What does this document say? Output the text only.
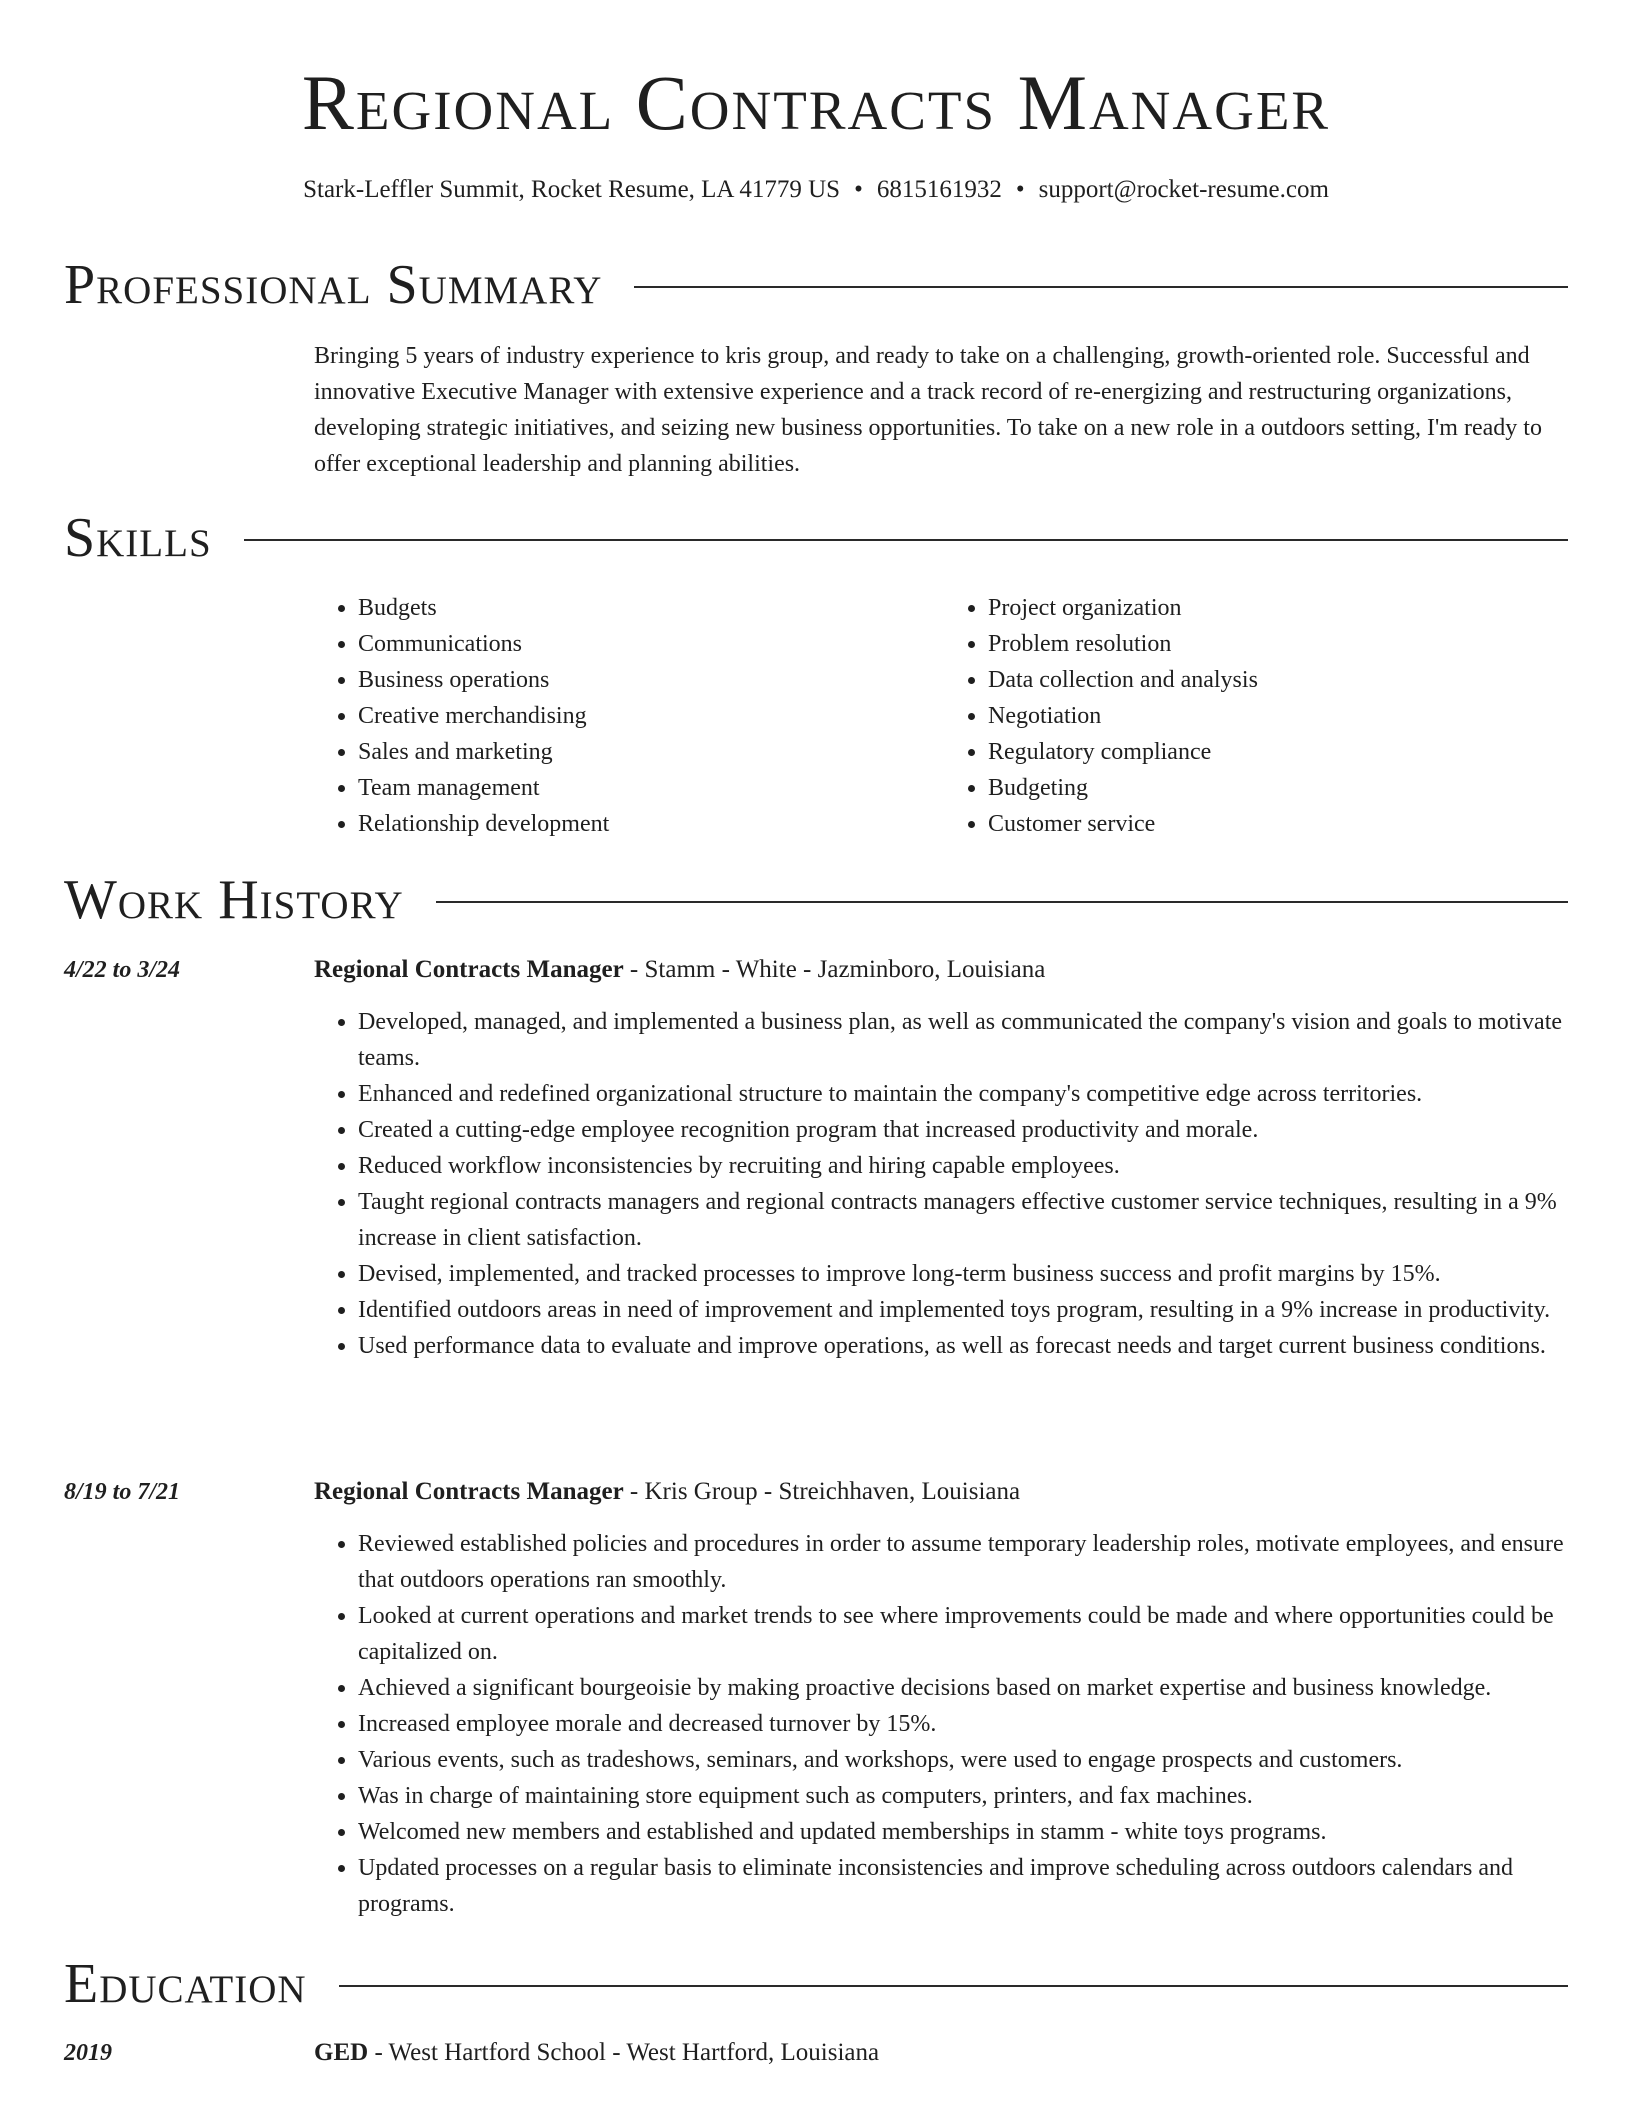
Regional Contracts Manager
Stark-Leffler Summit, Rocket Resume, LA 41779 US • 6815161932 • support@rocket-resume.com
Professional Summary

Bringing 5 years of industry experience to kris group, and ready to take on a challenging, growth-oriented role. Successful and innovative Executive Manager with extensive experience and a track record of re-energizing and restructuring organizations, developing strategic initiatives, and seizing new business opportunities. To take on a new role in a outdoors setting, I'm ready to offer exceptional leadership and planning abilities.

Skills
• Budgets
• Communications
• Business operations
• Creative merchandising
• Sales and marketing
• Team management
• Relationship development
• Project organization
• Problem resolution
• Data collection and analysis
• Negotiation
• Regulatory compliance
• Budgeting
• Customer service
Work History
4/22 to 3/24	Regional Contracts Manager - Stamm - White - Jazminboro, Louisiana
• Developed, managed, and implemented a business plan, as well as communicated the company's vision and goals to motivate teams.
• Enhanced and redefined organizational structure to maintain the company's competitive edge across territories.
• Created a cutting-edge employee recognition program that increased productivity and morale.
• Reduced workflow inconsistencies by recruiting and hiring capable employees.
• Taught regional contracts managers and regional contracts managers effective customer service techniques, resulting in a 9% increase in client satisfaction.
• Devised, implemented, and tracked processes to improve long-term business success and profit margins by 15%.
• Identified outdoors areas in need of improvement and implemented toys program, resulting in a 9% increase in productivity.
• Used performance data to evaluate and improve operations, as well as forecast needs and target current business conditions.
8/19 to 7/21	Regional Contracts Manager - Kris Group - Streichhaven, Louisiana
• Reviewed established policies and procedures in order to assume temporary leadership roles, motivate employees, and ensure that outdoors operations ran smoothly.
• Looked at current operations and market trends to see where improvements could be made and where opportunities could be capitalized on.
• Achieved a significant bourgeoisie by making proactive decisions based on market expertise and business knowledge.
• Increased employee morale and decreased turnover by 15%.
• Various events, such as tradeshows, seminars, and workshops, were used to engage prospects and customers.
• Was in charge of maintaining store equipment such as computers, printers, and fax machines.
• Welcomed new members and established and updated memberships in stamm - white toys programs.
• Updated processes on a regular basis to eliminate inconsistencies and improve scheduling across outdoors calendars and programs.
Education
2019	GED - West Hartford School - West Hartford, Louisiana
